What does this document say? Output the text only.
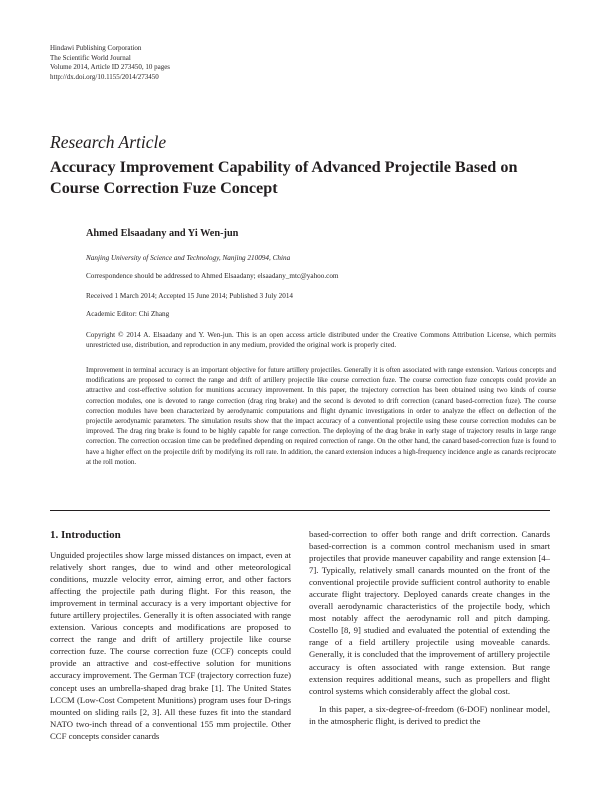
Hindawi Publishing Corporation
The Scientific World Journal
Volume 2014, Article ID 273450, 10 pages
http://dx.doi.org/10.1155/2014/273450
Research Article
Accuracy Improvement Capability of Advanced Projectile Based on Course Correction Fuze Concept
Ahmed Elsaadany and Yi Wen-jun
Nanjing University of Science and Technology, Nanjing 210094, China
Correspondence should be addressed to Ahmed Elsaadany; elsaadany_mtc@yahoo.com
Received 1 March 2014; Accepted 15 June 2014; Published 3 July 2014
Academic Editor: Chi Zhang
Copyright © 2014 A. Elsaadany and Y. Wen-jun. This is an open access article distributed under the Creative Commons Attribution License, which permits unrestricted use, distribution, and reproduction in any medium, provided the original work is properly cited.
Improvement in terminal accuracy is an important objective for future artillery projectiles. Generally it is often associated with range extension. Various concepts and modifications are proposed to correct the range and drift of artillery projectile like course correction fuze. The course correction fuze concepts could provide an attractive and cost-effective solution for munitions accuracy improvement. In this paper, the trajectory correction has been obtained using two kinds of course correction modules, one is devoted to range correction (drag ring brake) and the second is devoted to drift correction (canard based-correction fuze). The course correction modules have been characterized by aerodynamic computations and flight dynamic investigations in order to analyze the effect on deflection of the projectile aerodynamic parameters. The simulation results show that the impact accuracy of a conventional projectile using these course correction modules can be improved. The drag ring brake is found to be highly capable for range correction. The deploying of the drag brake in early stage of trajectory results in large range correction. The correction occasion time can be predefined depending on required correction of range. On the other hand, the canard based-correction fuze is found to have a higher effect on the projectile drift by modifying its roll rate. In addition, the canard extension induces a high-frequency incidence angle as canards reciprocate at the roll motion.
1. Introduction

Unguided projectiles show large missed distances on impact, even at relatively short ranges, due to wind and other meteorological conditions, muzzle velocity error, aiming error, and other factors affecting the projectile path during flight. For this reason, the improvement in terminal accuracy is a very important objective for future artillery projectiles. Generally it is often associated with range extension. Various concepts and modifications are proposed to correct the range and drift of artillery projectile like course correction fuze. The course correction fuze (CCF) concepts could provide an attractive and cost-effective solution for munitions accuracy improvement. The German TCF (trajectory correction fuze) concept uses an umbrella-shaped drag brake [1]. The United States LCCM (Low-Cost Competent Munitions) program uses four D-rings mounted on sliding rails [2, 3]. All these fuzes fit into the standard NATO two-inch thread of a conventional 155 mm projectile. Other CCF concepts consider canards

based-correction to offer both range and drift correction. Canards based-correction is a common control mechanism used in smart projectiles that provide maneuver capability and range extension [4–7]. Typically, relatively small canards mounted on the front of the conventional projectile provide sufficient control authority to enable accurate flight trajectory. Deployed canards create changes in the overall aerodynamic characteristics of the projectile body, which most notably affect the aerodynamic roll and pitch damping. Costello [8, 9] studied and evaluated the potential of extending the range of a field artillery projectile using moveable canards. Generally, it is concluded that the improvement of artillery projectile accuracy is often associated with range extension. But range extension requires additional means, such as propellers and flight control systems which considerably affect the global cost.

In this paper, a six-degree-of-freedom (6-DOF) nonlinear model, in the atmospheric flight, is derived to predict the
